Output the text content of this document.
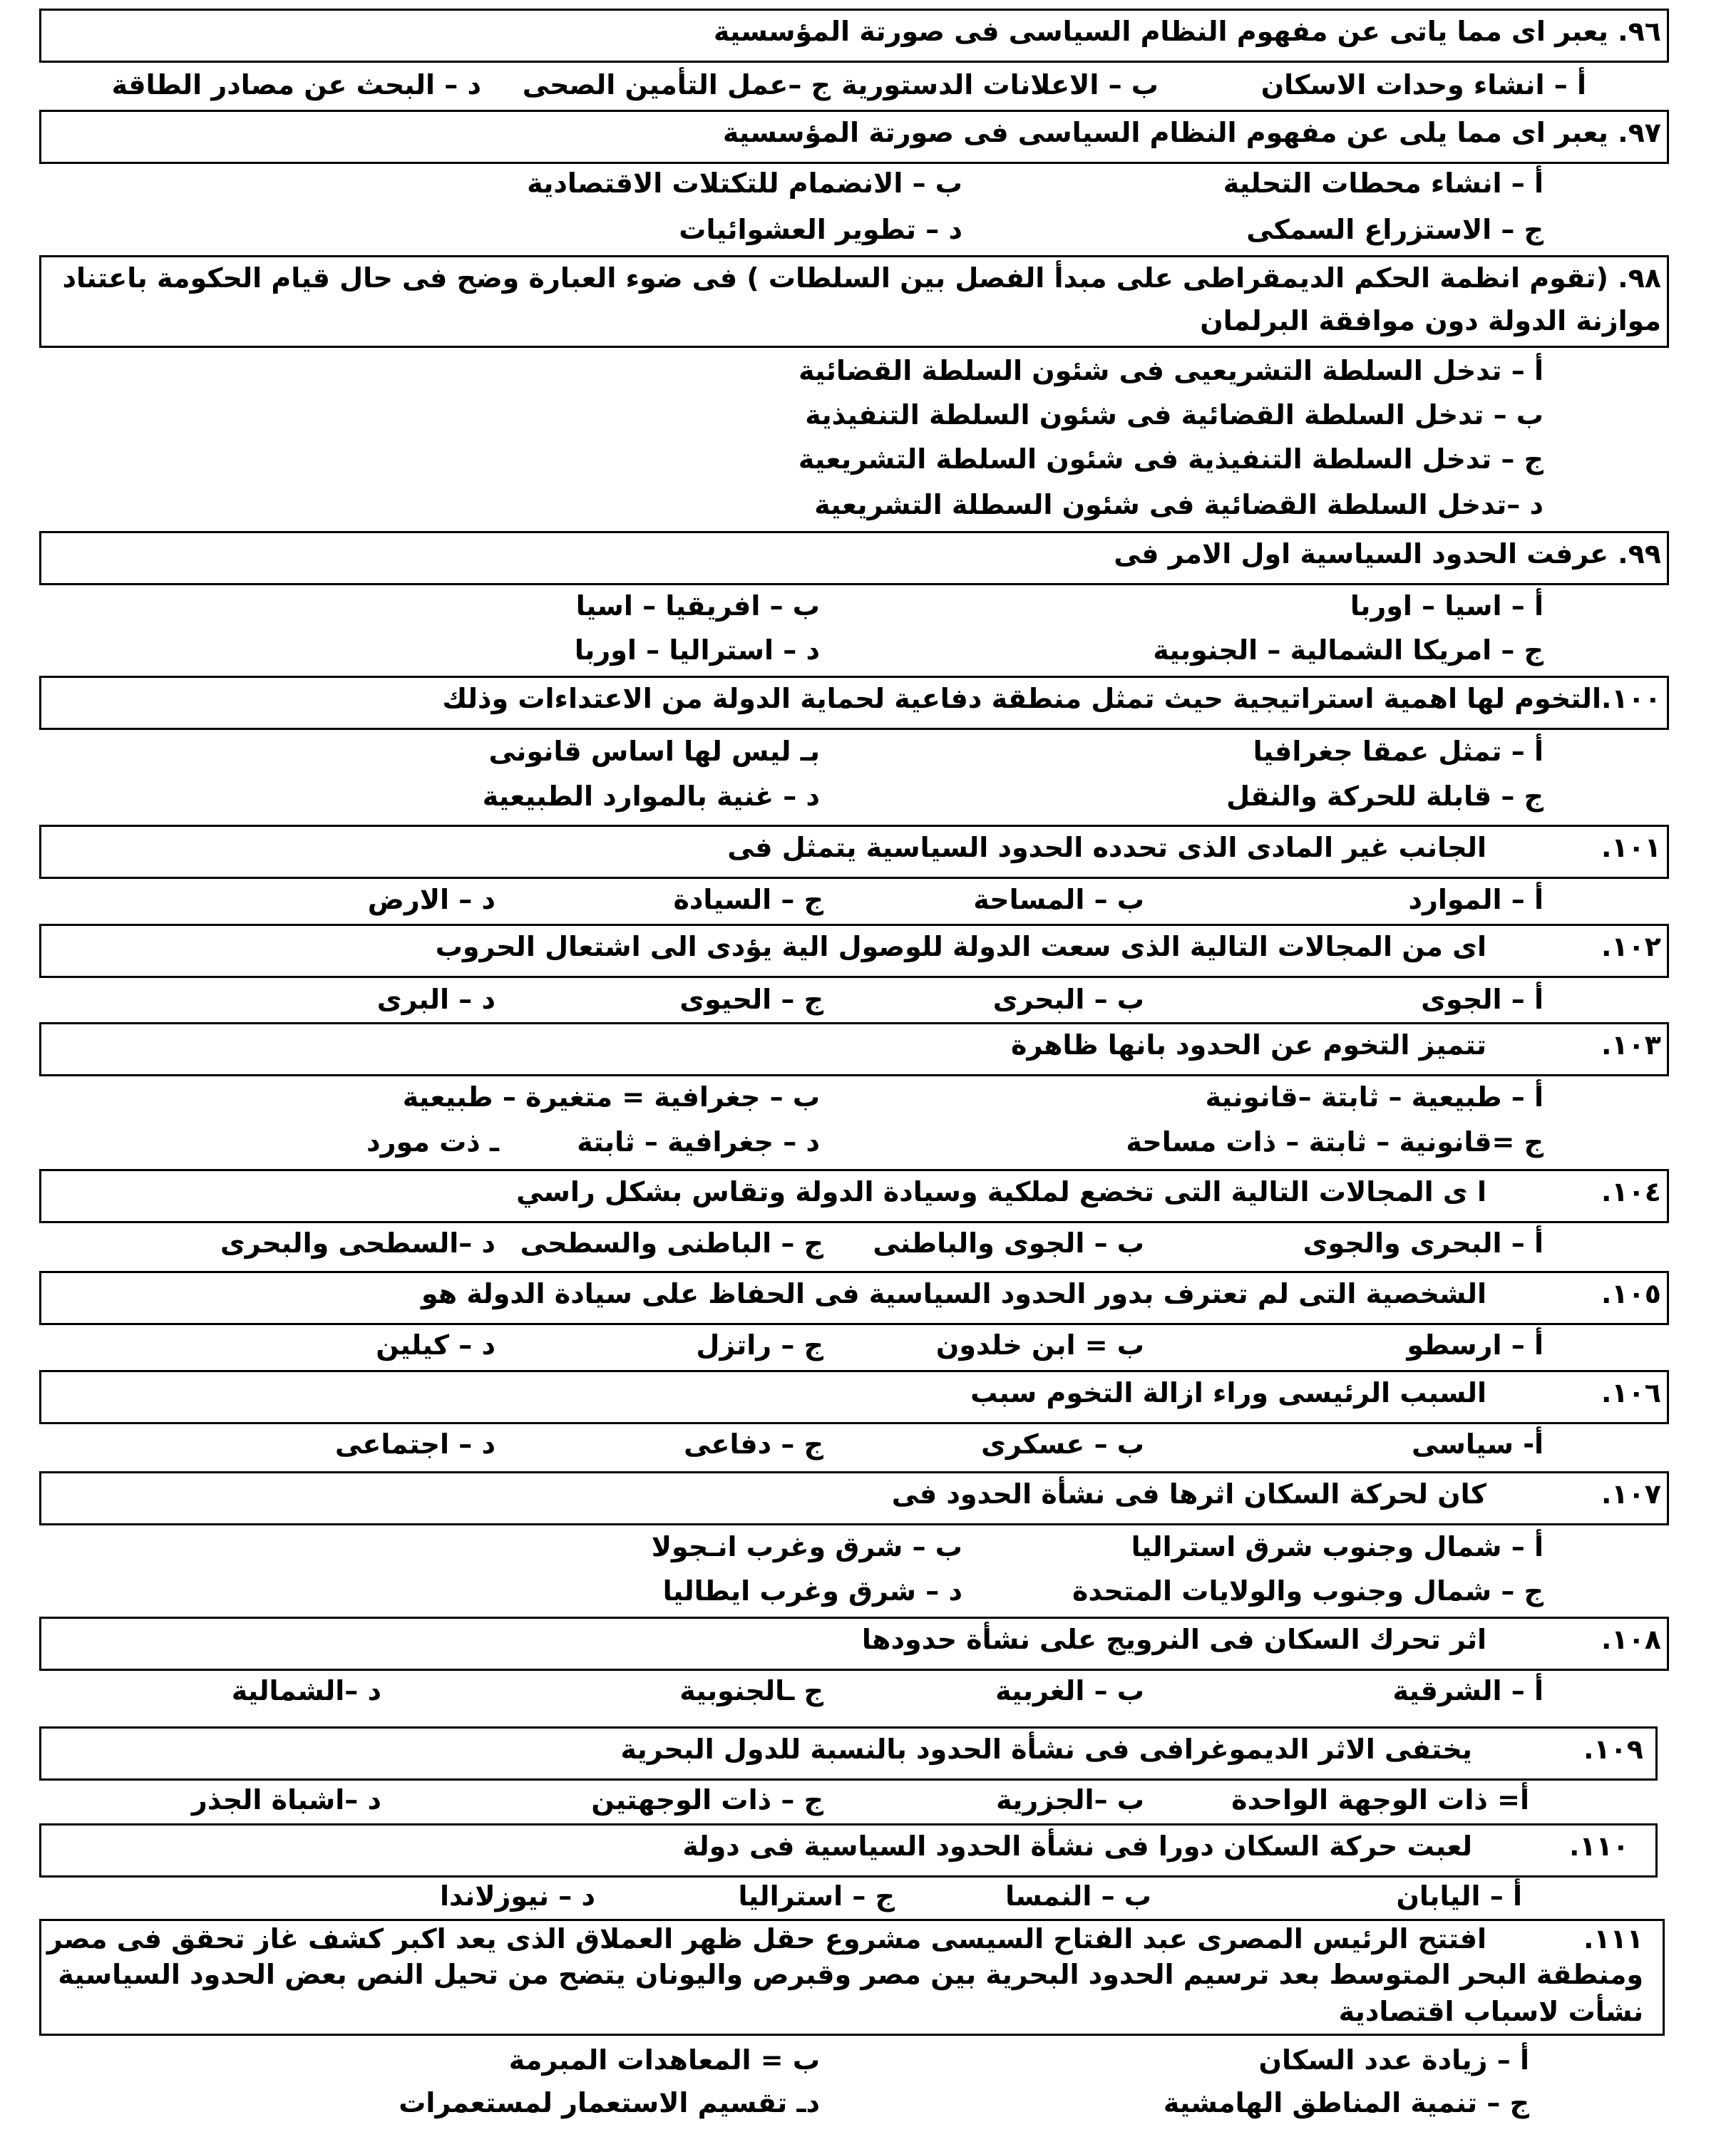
٩٦. يعبر اى مما ياتى عن مفهوم النظام السياسى فى صورتة المؤسسية
أ – انشاء وحدات الاسكان
ب – الاعلانات الدستورية
ج –عمل التأمين الصحى
د – البحث عن مصادر الطاقة
٩٧. يعبر اى مما يلى عن مفهوم النظام السياسى فى صورتة المؤسسية
أ – انشاء محطات التحلية
ب – الانضمام للتكتلات الاقتصادية
ج – الاستزراع السمكى
د – تطوير العشوائيات
٩٨. (تقوم انظمة الحكم الديمقراطى على مبدأ الفصل بين السلطات ) فى ضوء العبارة وضح فى حال قيام الحكومة باعتناد
موازنة الدولة دون موافقة البرلمان
أ – تدخل السلطة التشريعيى فى شئون السلطة القضائية
ب – تدخل السلطة القضائية فى شئون السلطة التنفيذية
ج – تدخل السلطة التنفيذية فى شئون السلطة التشريعية
د –تدخل السلطة القضائية فى شئون السطلة التشريعية
٩٩. عرفت الحدود السياسية اول الامر فى
أ – اسيا – اوربا
ب – افريقيا – اسيا
ج – امريكا الشمالية – الجنوبية
د – استراليا – اوربا
١٠٠.التخوم لها اهمية استراتيجية حيث تمثل منطقة دفاعية لحماية الدولة من الاعتداءات وذلك
أ – تمثل عمقا جغرافيا
بـ ليس لها اساس قانونى
ج – قابلة للحركة والنقل
د – غنية بالموارد الطبيعية
١٠١.
الجانب غير المادى الذى تحدده الحدود السياسية يتمثل فى
أ – الموارد
ب – المساحة
ج – السيادة
د – الارض
١٠٢.
اى من المجالات التالية الذى سعت الدولة للوصول الية يؤدى الى اشتعال الحروب
أ – الجوى
ب – البحرى
ج – الحيوى
د – البرى
١٠٣.
تتميز التخوم عن الحدود بانها ظاهرة
أ – طبيعية – ثابتة –قانونية
ب – جغرافية = متغيرة – طبيعية
ج =قانونية – ثابتة – ذات مساحة
د – جغرافية – ثابتة
ـ ذت مورد
١٠٤.
ا ى المجالات التالية التى تخضع لملكية وسيادة الدولة وتقاس بشكل راسي
أ – البحرى والجوى
ب – الجوى والباطنى
ج – الباطنى والسطحى
د –السطحى والبحرى
١٠٥.
الشخصية التى لم تعترف بدور الحدود السياسية فى الحفاظ على سيادة الدولة هو
أ – ارسطو
ب = ابن خلدون
ج – راتزل
د – كيلين
١٠٦.
السبب الرئيسى وراء ازالة التخوم سبب
أ- سياسى
ب – عسكرى
ج – دفاعى
د – اجتماعى
١٠٧.
كان لحركة السكان اثرها فى نشأة الحدود فى
أ – شمال وجنوب شرق استراليا
ب – شرق وغرب انـجولا
ج – شمال وجنوب والولايات المتحدة
د – شرق وغرب ايطاليا
١٠٨.
اثر تحرك السكان فى النرويج على نشأة حدودها
أ – الشرقية
ب – الغربية
ج ـالجنوبية
د –الشمالية
١٠٩.
يختفى الاثر الديموغرافى فى نشأة الحدود بالنسبة للدول البحرية
أ= ذات الوجهة الواحدة
ب –الجزرية
ج – ذات الوجهتين
د –اشباة الجذر
١١٠.
لعبت حركة السكان دورا فى نشأة الحدود السياسية فى دولة
أ – اليابان
ب – النمسا
ج – استراليا
د – نيوزلاندا
١١١.
افتتح الرئيس المصرى عبد الفتاح السيسى مشروع حقل ظهر العملاق الذى يعد اكبر كشف غاز تحقق فى مصر
ومنطقة البحر المتوسط بعد ترسيم الحدود البحرية بين مصر وقبرص واليونان يتضح من تحيل النص بعض الحدود السياسية
نشأت لاسباب اقتصادية
أ – زيادة عدد السكان
ب = المعاهدات المبرمة
ج – تنمية المناطق الهامشية
دـ تقسيم الاستعمار لمستعمرات
